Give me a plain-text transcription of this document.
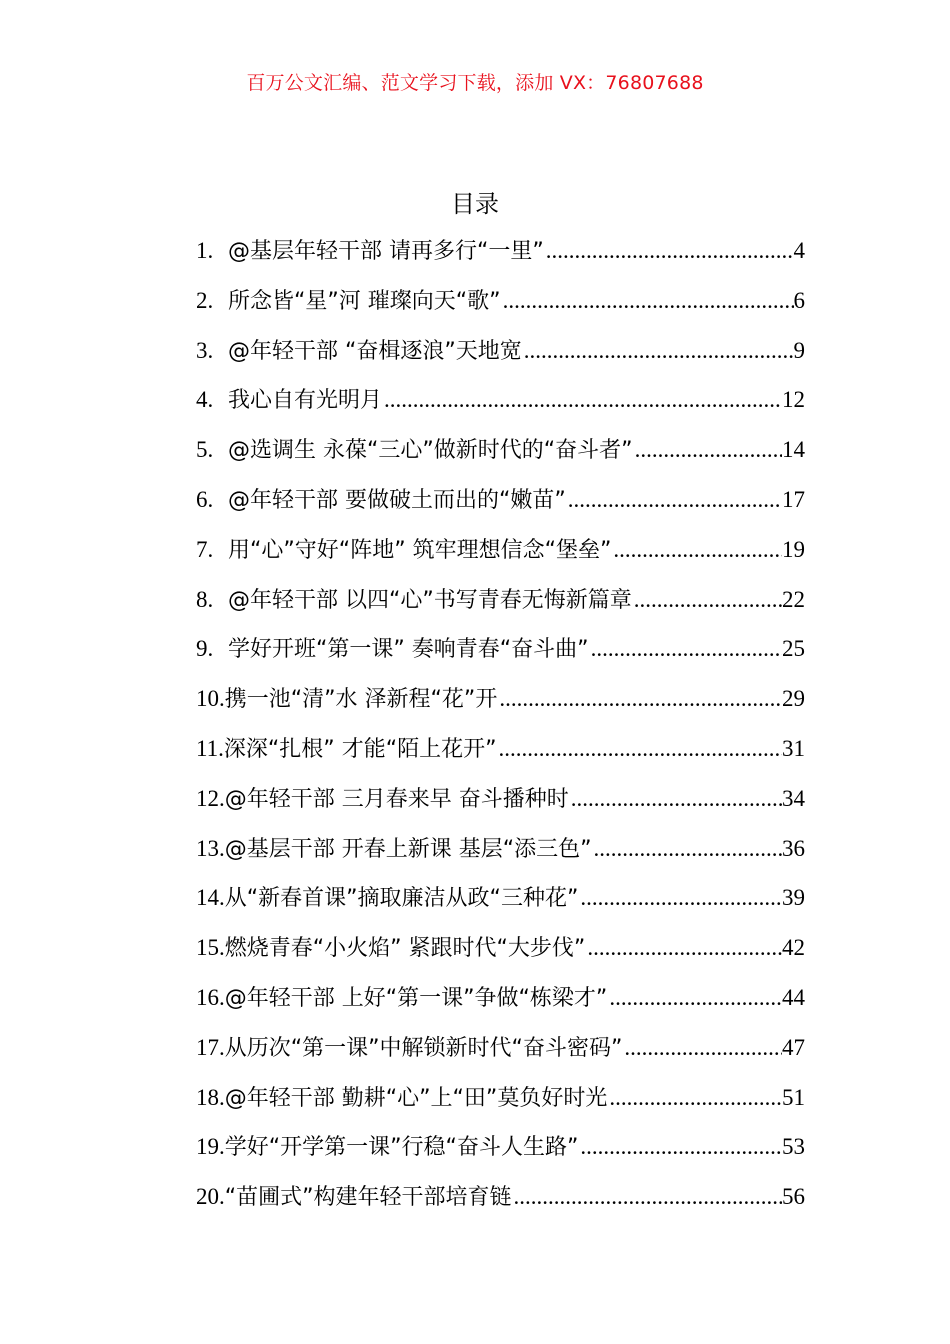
百万公文汇编、范文学习下载，添加 VX：76807688
目录
1. @基层年轻干部 请再多行“一里” .....	4
2. 所念皆“星”河 璀璨向天“歌” .....	6
3. @年轻干部 “奋楫逐浪”天地宽 .....	9
4. 我心自有光明月 .....	12
5. @选调生 永葆“三心”做新时代的“奋斗者” .....	14
6. @年轻干部 要做破土而出的“嫩苗” .....	17
7. 用“心”守好“阵地” 筑牢理想信念“堡垒” .....	19
8. @年轻干部 以四“心”书写青春无悔新篇章 .....	22
9. 学好开班“第一课” 奏响青春“奋斗曲” .....	25
10. 携一池“清”水 泽新程“花”开 .....	29
11. 深深“扎根” 才能“陌上花开” .....	31
12. @年轻干部 三月春来早 奋斗播种时 .....	34
13. @基层干部 开春上新课 基层“添三色” .....	36
14. 从“新春首课”摘取廉洁从政“三种花” .....	39
15. 燃烧青春“小火焰” 紧跟时代“大步伐” .....	42
16. @年轻干部 上好“第一课”争做“栋梁才” .....	44
17. 从历次“第一课”中解锁新时代“奋斗密码” .....	47
18. @年轻干部 勤耕“心”上“田”莫负好时光 .....	51
19. 学好“开学第一课”行稳“奋斗人生路” .....	53
20. “苗圃式”构建年轻干部培育链 .....	56
